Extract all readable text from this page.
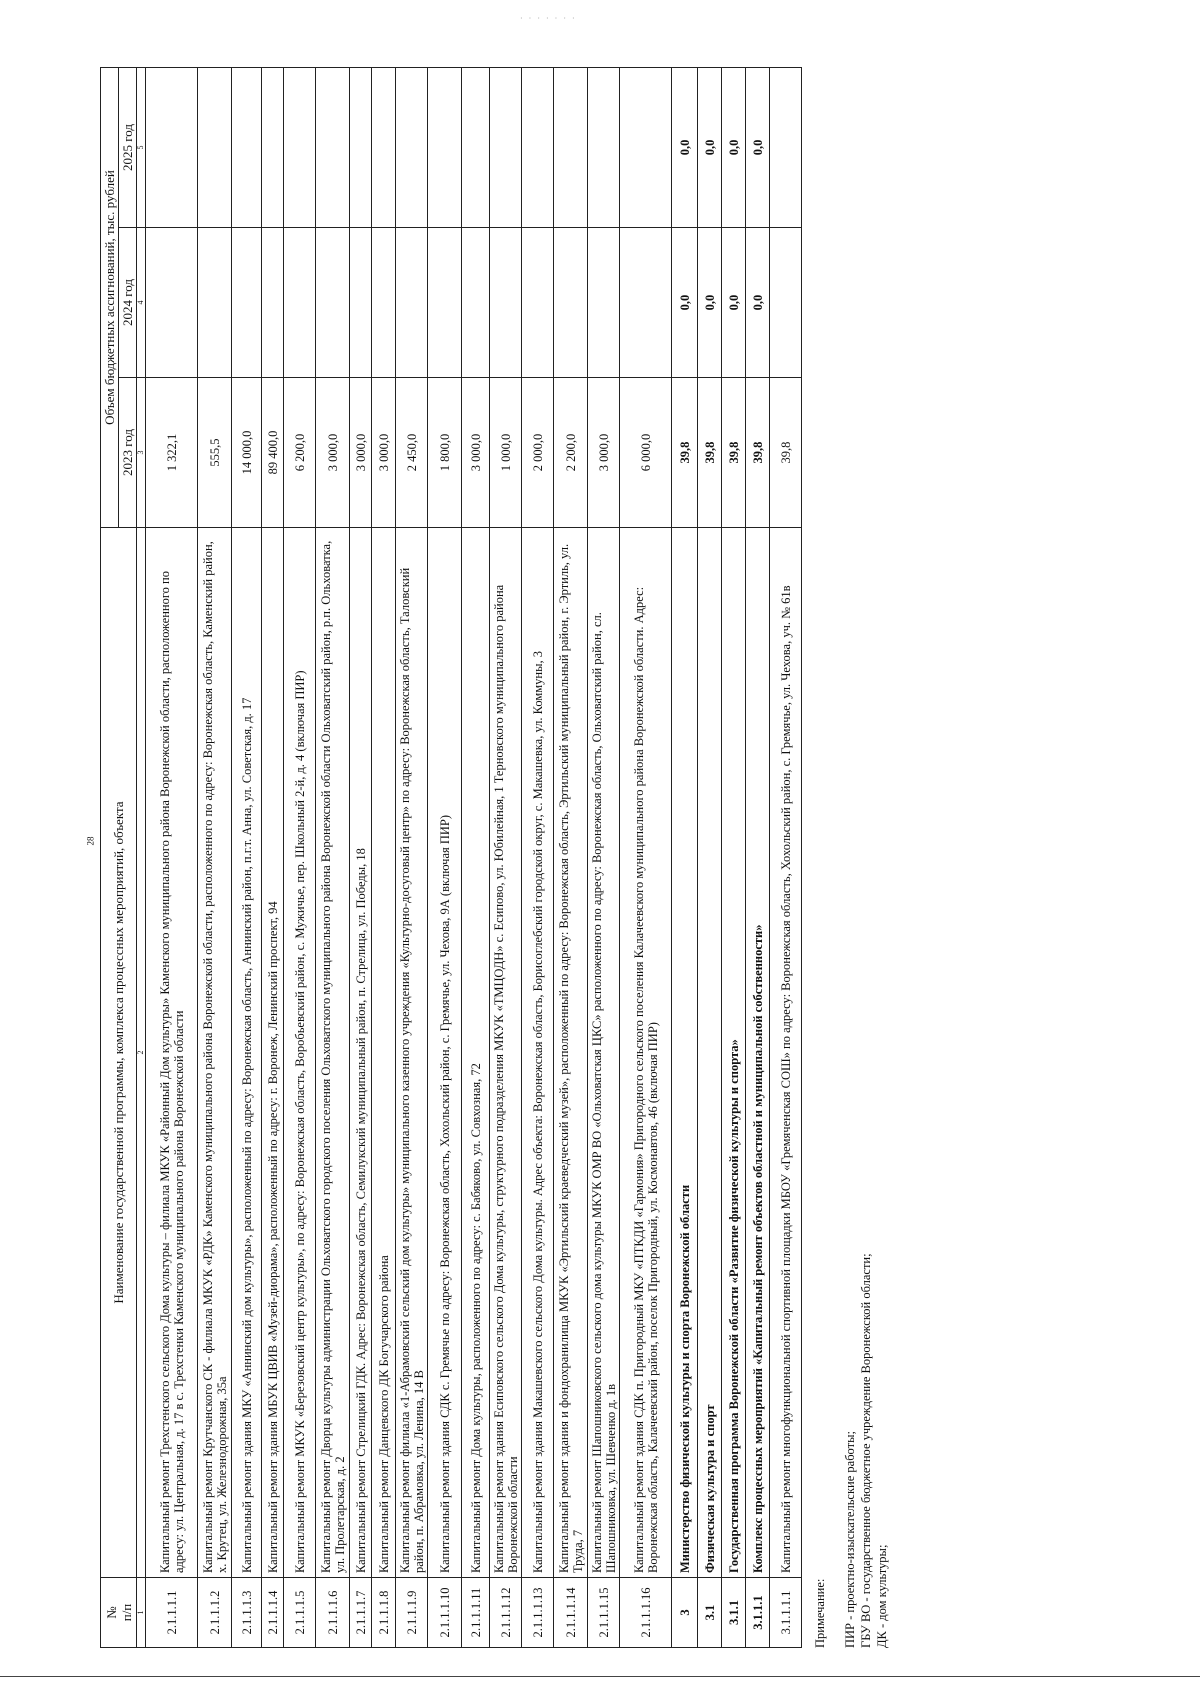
· · · · · · ·
28
№
п/п	Наименование государственной программы, комплекса процессных мероприятий, объекта	Объем бюджетных ассигнований, тыс. рублей		
		2023 год	2024 год	2025 год
1	2	3	4	5
2.1.1.1.1	Капитальный ремонт Трехстенского сельского Дома культуры – филиала МКУК «Районный Дом культуры» Каменского муниципального района Воронежской области, расположенного по адресу: ул. Центральная, д. 17 в с. Трехстенки Каменского муниципального района Воронежской области	1 322,1		
2.1.1.1.2	Капитальный ремонт Крутчанского СК - филиала МКУК «РДК» Каменского муниципального района Воронежской области, расположенного по адресу: Воронежская область, Каменский район, х. Крутец, ул. Железнодорожная, 35а	555,5		
2.1.1.1.3	Капитальный ремонт здания МКУ «Аннинский дом культуры», расположенный по адресу: Воронежская область, Аннинский район, п.г.т. Анна, ул. Советская, д. 17	14 000,0		
2.1.1.1.4	Капитальный ремонт здания МБУК ЦВИВ «Музей-диорама», расположенный по адресу: г. Воронеж, Ленинский проспект, 94	89 400,0		
2.1.1.1.5	Капитальный ремонт МКУК «Березовский центр культуры», по адресу: Воронежская область, Воробьевский район, с. Мужичье, пер. Школьный 2-й, д. 4 (включая ПИР)	6 200,0		
2.1.1.1.6	Капитальный ремонт Дворца культуры администрации Ольховатского городского поселения Ольховатского муниципального района Воронежской области Ольховатский район, р.п. Ольховатка, ул. Пролетарская, д. 2	3 000,0		
2.1.1.1.7	Капитальный ремонт Стрелицкий ГДК. Адрес: Воронежская область, Семилукский муниципальный район, п. Стрелица, ул. Победы, 18	3 000,0		
2.1.1.1.8	Капитальный ремонт Данцевского ДК Богучарского района	3 000,0		
2.1.1.1.9	Капитальный ремонт филиала «1-Абрамовский сельский дом культуры» муниципального казенного учреждения «Культурно-досуговый центр» по адресу: Воронежская область, Таловский район, п. Абрамовка, ул. Ленина, 14 В	2 450,0		
2.1.1.1.10	Капитальный ремонт здания СДК с. Гремячье по адресу: Воронежская область, Хохольский район, с. Гремячье, ул. Чехова, 9А (включая ПИР)	1 800,0		
2.1.1.1.11	Капитальный ремонт Дома культуры, расположенного по адресу: с. Бабяково, ул. Совхозная, 72	3 000,0		
2.1.1.1.12	Капитальный ремонт здания Есиповского сельского Дома культуры, структурного подразделения МКУК «ТМЦОДН» с. Есипово, ул. Юбилейная, 1 Терновского муниципального района Воронежской области	1 000,0		
2.1.1.1.13	Капитальный ремонт здания Макашевского сельского Дома культуры. Адрес объекта: Воронежская область, Борисоглебский городской округ, с. Макашевка, ул. Коммуны, 3	2 000,0		
2.1.1.1.14	Капитальный ремонт здания и фондохранилища МКУК «Эртильский краеведческий музей», расположенный по адресу: Воронежская область, Эртильский муниципальный район, г. Эртиль, ул. Труда, 7	2 200,0		
2.1.1.1.15	Капитальный ремонт Шапошниковского сельского дома культуры МКУК ОМР ВО «Ольховатская ЦКС» расположенного по адресу: Воронежская область, Ольховатский район, сл. Шапошниковка, ул. Шевченко д. 1в	3 000,0		
2.1.1.1.16	Капитальный ремонт здания СДК п. Пригородный МКУ «ПТКДИ «Гармония» Пригородного сельского поселения Калачеевского муниципального района Воронежской области. Адрес: Воронежская область, Калачеевский район, поселок Пригородный, ул. Космонавтов, 46 (включая ПИР)	6 000,0		
3	Министерство физической культуры и спорта Воронежской области	39,8	0,0	0,0
3.1	Физическая культура и спорт	39,8	0,0	0,0
3.1.1	Государственная программа Воронежской области «Развитие физической культуры и спорта»	39,8	0,0	0,0
3.1.1.1	Комплекс процессных мероприятий «Капитальный ремонт объектов областной и муниципальной собственности»	39,8	0,0	0,0
3.1.1.1.1	Капитальный ремонт многофункциональной спортивной площадки МБОУ «Гремяченская СОШ» по адресу: Воронежская область, Хохольский район, с. Гремячье, ул. Чехова, уч. № 61в	39,8		
Примечание: ПИР - проектно-изыскательские работы; ГБУ ВО - государственное бюджетное учреждение Воронежской области; ДК - дом культуры;
